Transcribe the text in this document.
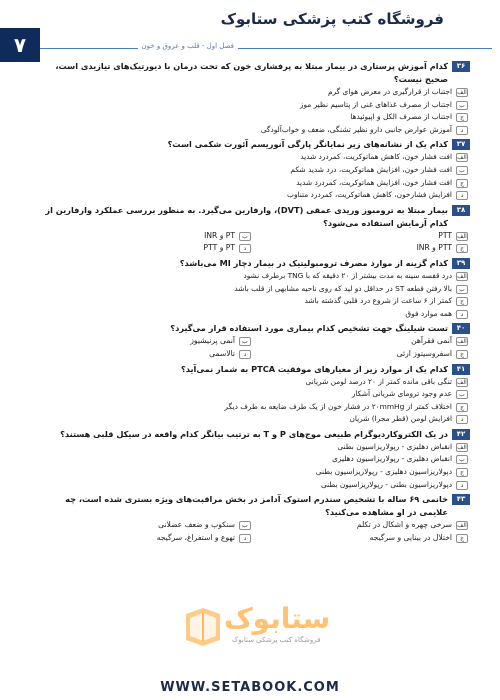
فروشگاه کتب پزشکی ستابوک
۷	فصل اول - قلب و عروق و خون
۳۶
کدام آموزش پرستاری در بیمار مبتلا به پرفشاری خون که تحت درمان با دیورتیک‌های تیازیدی است، صحیح نیست؟
الف
اجتناب از قرارگیری در معرض هوای گرم
ب
اجتناب از مصرف غذاهای غنی از پتاسیم نظیر موز
ج
اجتناب از مصرف الکل و اپیوئیدها
د
آموزش عوارض جانبی دارو نظیر تشنگی، ضعف و خواب‌آلودگی
۳۷
کدام یک از نشانه‌های زیر نمایانگر پارگی آنوریسم آئورت شکمی است؟
الف
افت فشار خون، کاهش هماتوکریت، کمردرد شدید
ب
افت فشار خون، افزایش هماتوکریت، درد شدید شکم
ج
افت فشار خون، افزایش هماتوکریت، کمردرد شدید
د
افزایش فشارخون، کاهش هماتوکریت، کمردرد متناوب
۳۸
بیمار مبتلا به ترومبوز وریدی عمقی (DVT)، وارفارین می‌گیرد. به منظور بررسی عملکرد وارفارین از کدام آزمایش استفاده می‌شود؟
الف
PTT
ب
PT و INR
ج
PTT و INR
د
PT و PTT
۳۹
کدام گزینه از موارد مصرف ترومبولیتیک در بیمار دچار MI می‌باشد؟
الف
درد قفسه سینه به مدت بیشتر از ۲۰ دقیقه که با TNG برطرف نشود
ب
بالا رفتن قطعه ST در حداقل دو لید که روی ناحیه مشابهی از قلب باشد
ج
کمتر از ۶ ساعت از شروع درد قلبی گذشته باشد
د
همه موارد فوق
۴۰
تست شیلینگ جهت تشخیص کدام بیماری مورد استفاده قرار می‌گیرد؟
الف
آنمی فقرآهن
ب
آنمی پرنیشیوز
ج
اسفروسیتوز ارثی
د
تالاسمی
۴۱
کدام یک از موارد زیر از معیارهای موفقیت PTCA به شمار نمی‌آید؟
الف
تنگی باقی مانده کمتر از ۲۰ درصد لومن شریانی
ب
عدم وجود تروما‌ی شریانی آشکار
ج
اختلاف کمتر از ۲۰mmHg در فشار خون از یک طرف ضایعه به طرف دیگر
د
افزایش لومن (قطر مجرا) شریان
۴۲
در یک الکتروکاردیوگرام طبیعی موج‌های P و T به ترتیب بیانگر کدام واقعه در سیکل قلبی هستند؟
الف
انقباض دهلیزی - رپولاریزاسیون بطنی
ب
انقباض دهلیزی - رپولاریزاسیون دهلیزی
ج
دپولاریزاسیون دهلیزی - رپولاریزاسیون بطنی
د
دپولاریزاسیون بطنی - رپولاریزاسیون بطنی
۴۳
خانمی ۶۹ ساله با تشخیص سندرم استوک آدامز در بخش مراقبت‌های ویژه بستری شده است، چه علایمی در او مشاهده می‌کنید؟
الف
سرخی چهره و اشکال در تکلم
ب
سنکوپ و ضعف عضلانی
ج
اختلال در بینایی و سرگیجه
د
تهوع و استفراغ، سرگیجه
ستابوک
فروشگاه کتب پزشکی ستابوک
WWW.SETABOOK.COM
